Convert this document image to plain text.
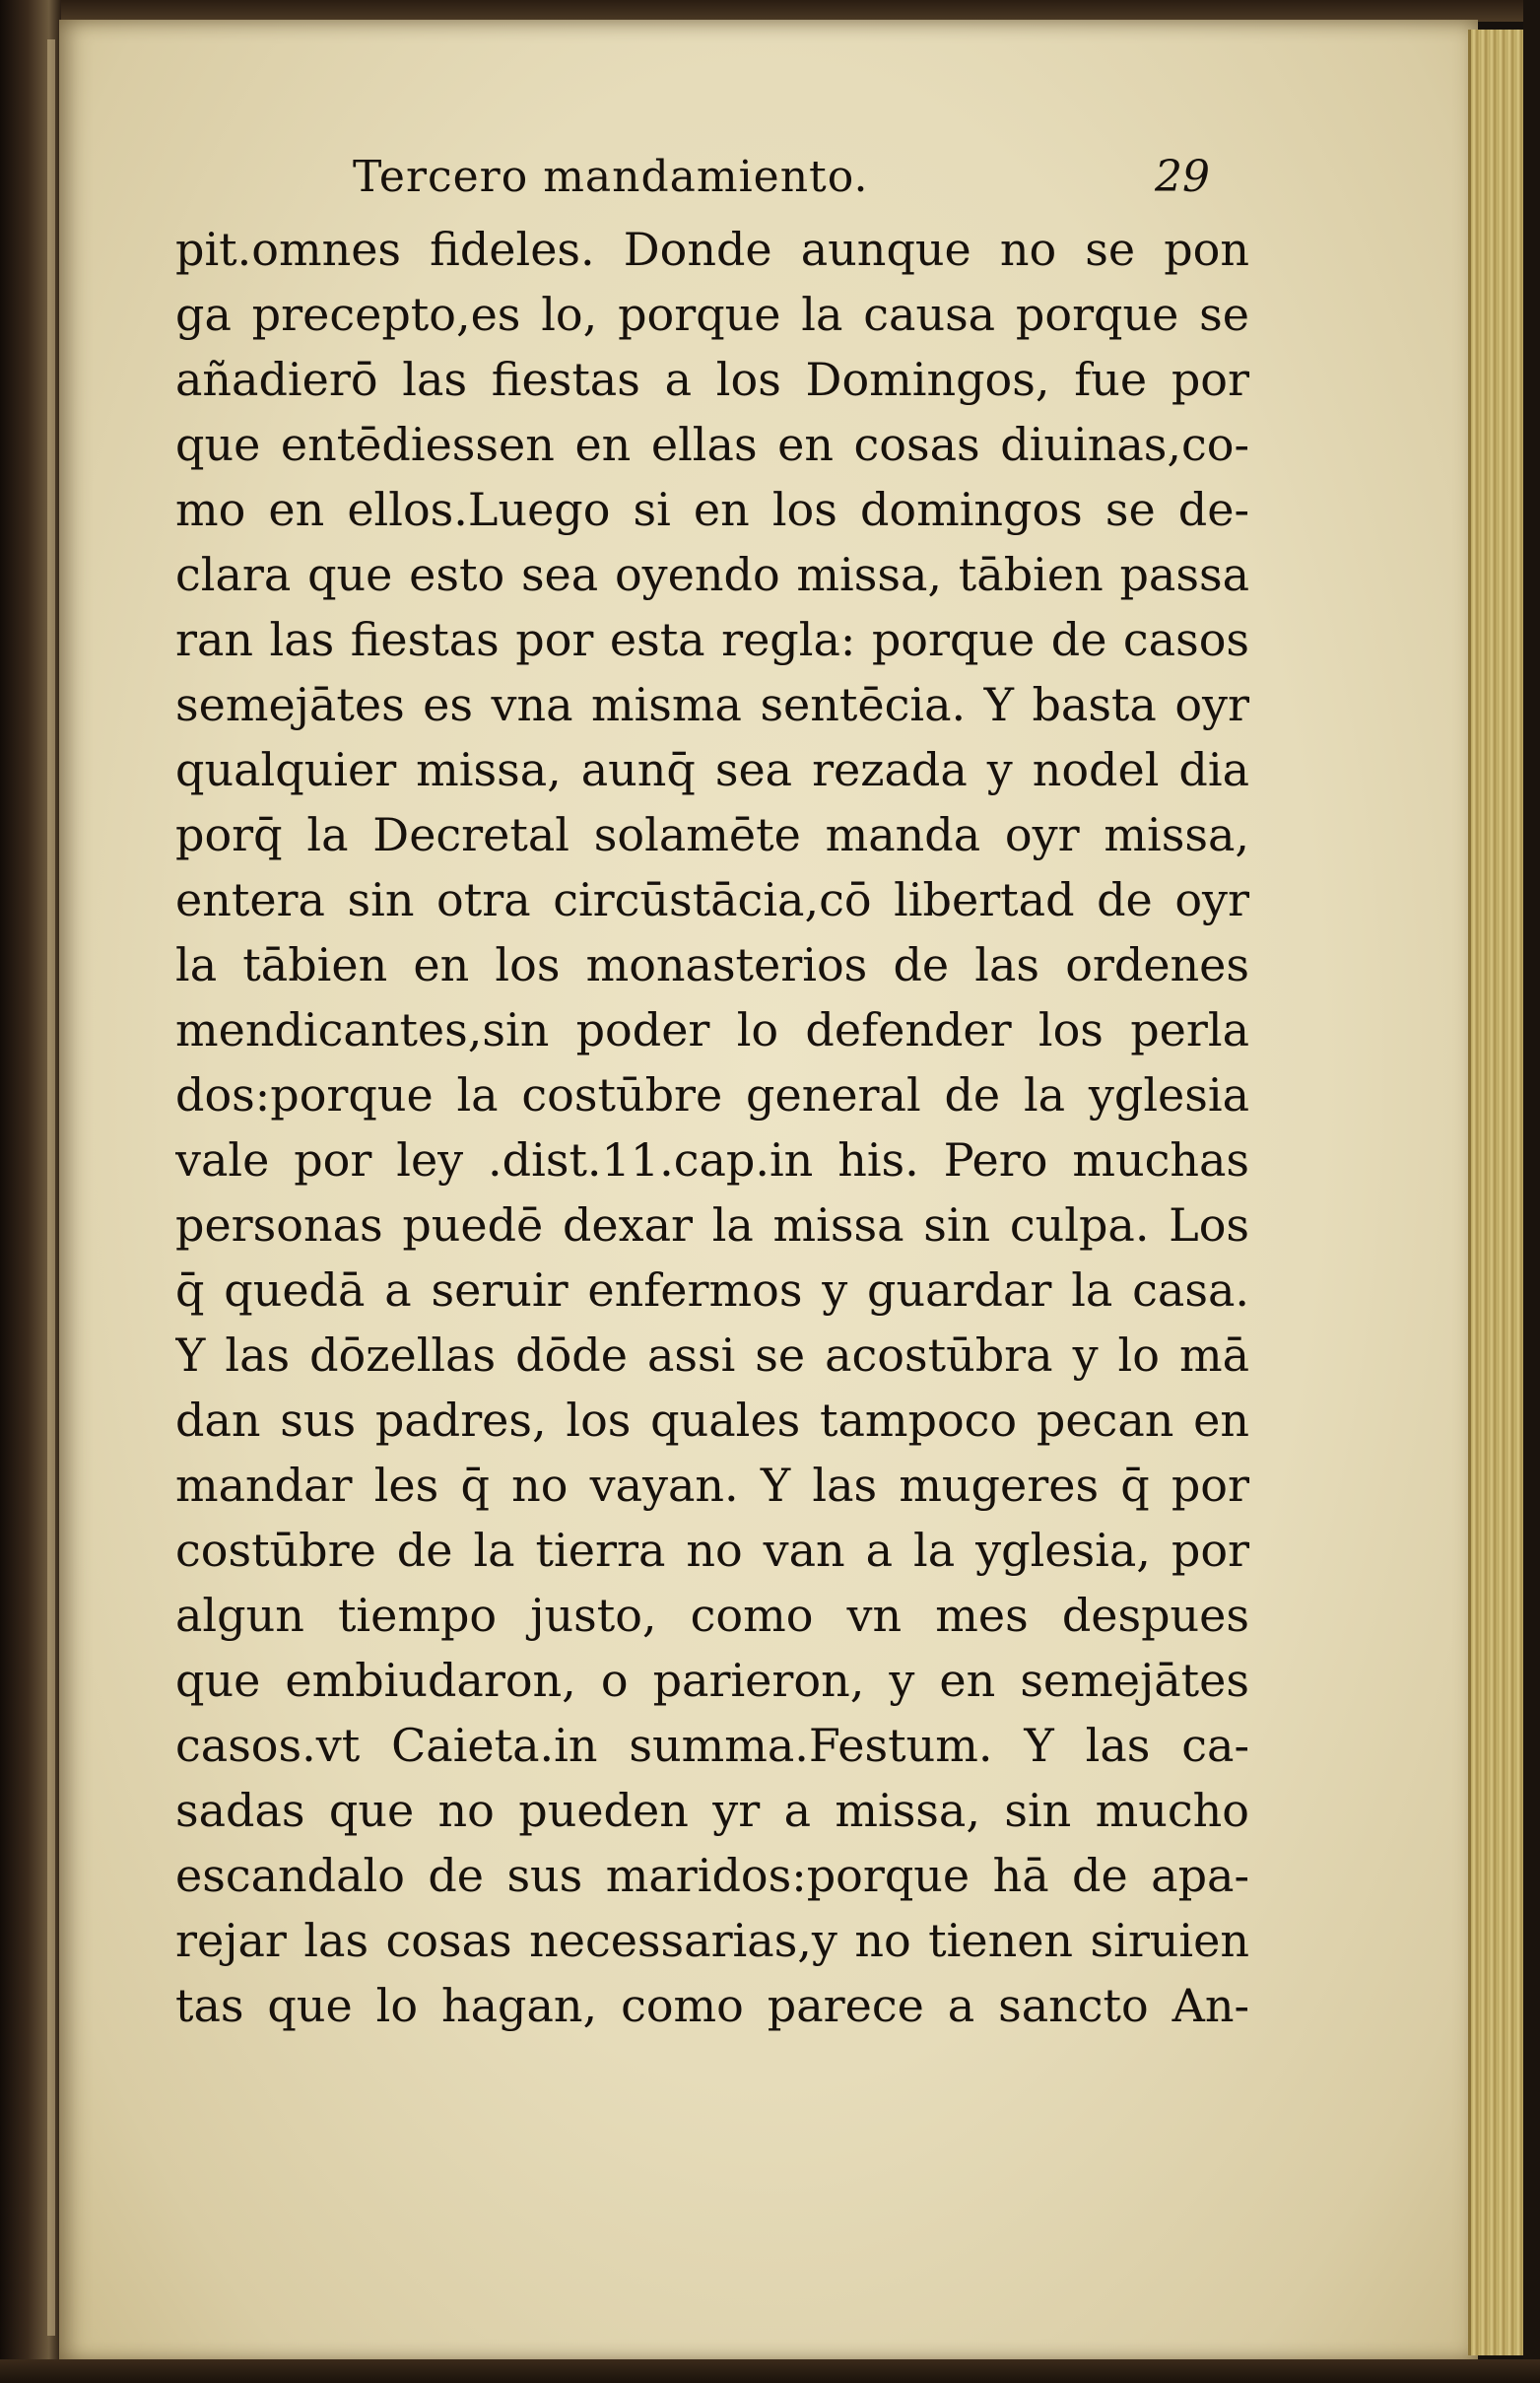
Tercero mandamiento.	29
pit.omnes fideles. Donde aunque no se pon
ga precepto,es lo, porque la causa porque se
añadierō las fiestas a los Domingos, fue por
que entēdiessen en ellas en cosas diuinas,co-
mo en ellos.Luego si en los domingos se de-
clara que esto sea oyendo missa, tābien passa
ran las fiestas por esta regla: porque de casos
semejātes es vna misma sentēcia. Y basta oyr
qualquier missa, aunq̄ sea rezada y nodel dia
porq̄ la Decretal solamēte manda oyr missa,
entera sin otra circūstācia,cō libertad de oyr
la tābien en los monasterios de las ordenes
mendicantes,sin poder lo defender los perla
dos:porque la costūbre general de la yglesia
vale por ley .dist.11.cap.in his. Pero muchas
personas puedē dexar la missa sin culpa. Los
q̄ quedā a seruir enfermos y guardar la casa.
Y las dōzellas dōde assi se acostūbra y lo mā
dan sus padres, los quales tampoco pecan en
mandar les q̄ no vayan. Y las mugeres q̄ por
costūbre de la tierra no van a la yglesia, por
algun tiempo justo, como vn mes despues
que embiudaron, o parieron, y en semejātes
casos.vt Caieta.in summa.Festum. Y las ca-
sadas que no pueden yr a missa, sin mucho
escandalo de sus maridos:porque hā de apa-
rejar las cosas necessarias,y no tienen siruien
tas que lo hagan, como parece a sancto An-
